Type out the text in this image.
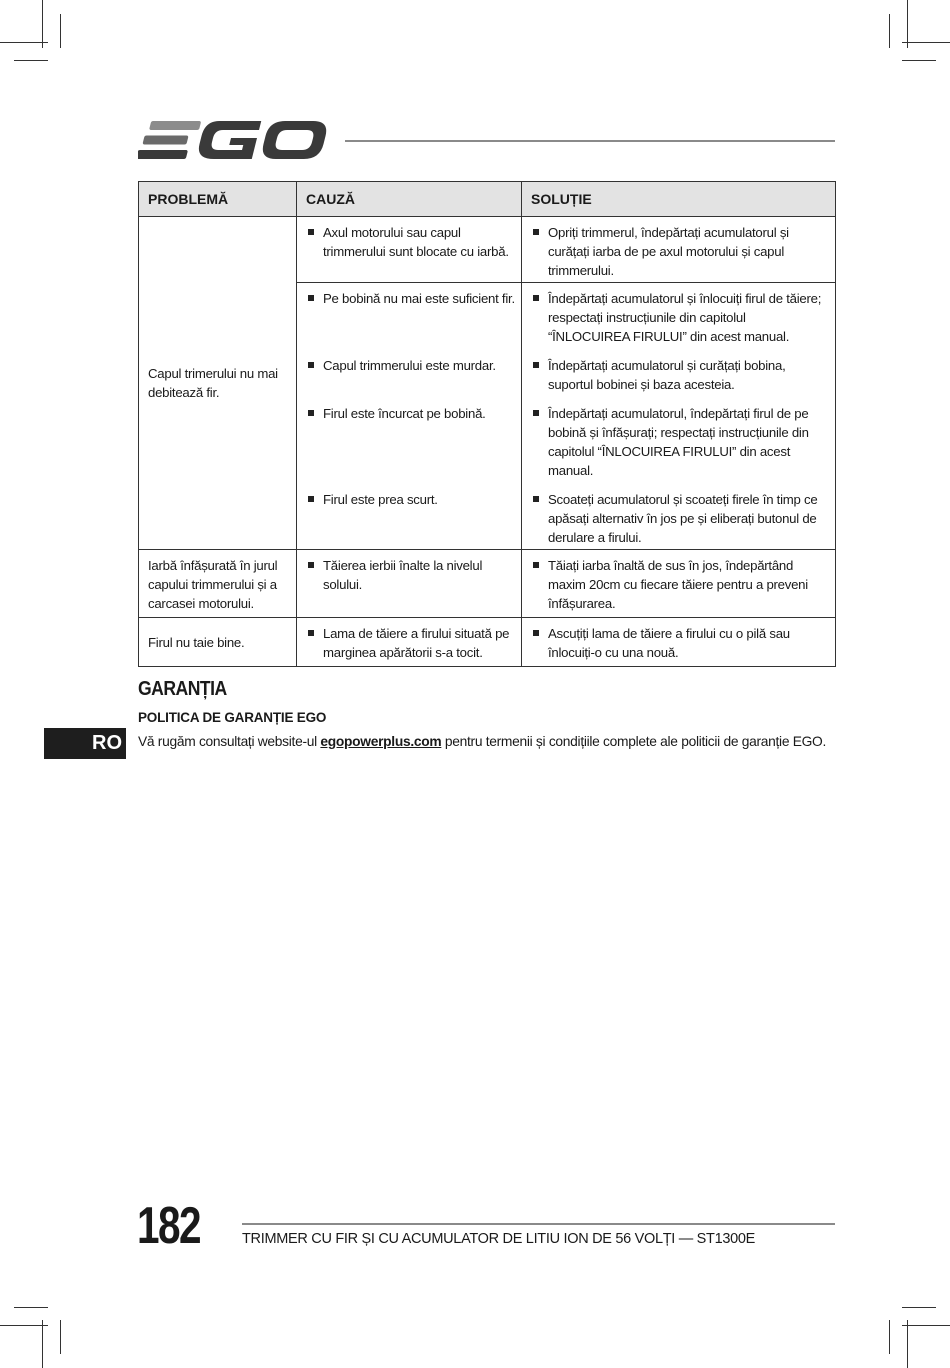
PROBLEMĂ	CAUZĂ	SOLUȚIE
Capul trimerului nu mai debitează fir.	Axul motorului sau capul trimmerului sunt blocate cu iarbă.	Opriți trimmerul, îndepărtați acumulatorul și curățați iarba de pe axul motorului și capul trimmerului.

	Pe bobină nu mai este suficient fir.	Îndepărtați acumulatorul și înlocuiți firul de tăiere; respectați instrucțiunile din capitolul “ÎNLOCUIREA FIRULUI” din acest manual.

	Capul trimmerului este murdar.	Îndepărtați acumulatorul și curățați bobina, suportul bobinei și baza acesteia.

	Firul este încurcat pe bobină.	Îndepărtați acumulatorul, îndepărtați firul de pe bobină și înfășurați; respectați instrucțiunile din capitolul “ÎNLOCUIREA FIRULUI” din acest manual.

	Firul este prea scurt.	Scoateți acumulatorul și scoateți firele în timp ce apăsați alternativ în jos pe și eliberați butonul de derulare a firului.

Iarbă înfășurată în jurul capului trimmerului și a carcasei motorului.	Tăierea ierbii înalte la nivelul solului.	Tăiați iarba înaltă de sus în jos, îndepărtând maxim 20cm cu fiecare tăiere pentru a preveni înfășurarea.

Firul nu taie bine.	Lama de tăiere a firului situată pe marginea apărătorii s-a tocit.	Ascuțiți lama de tăiere a firului cu o pilă sau înlocuiți-o cu una nouă.
GARANȚIA
POLITICA DE GARANȚIE EGO

Vă rugăm consultați website-ul egopowerplus.com pentru termenii și condițiile complete ale politicii de garanție EGO.

RO
182	TRIMMER CU FIR ȘI CU ACUMULATOR DE LITIU ION DE 56 VOLȚI — ST1300E
